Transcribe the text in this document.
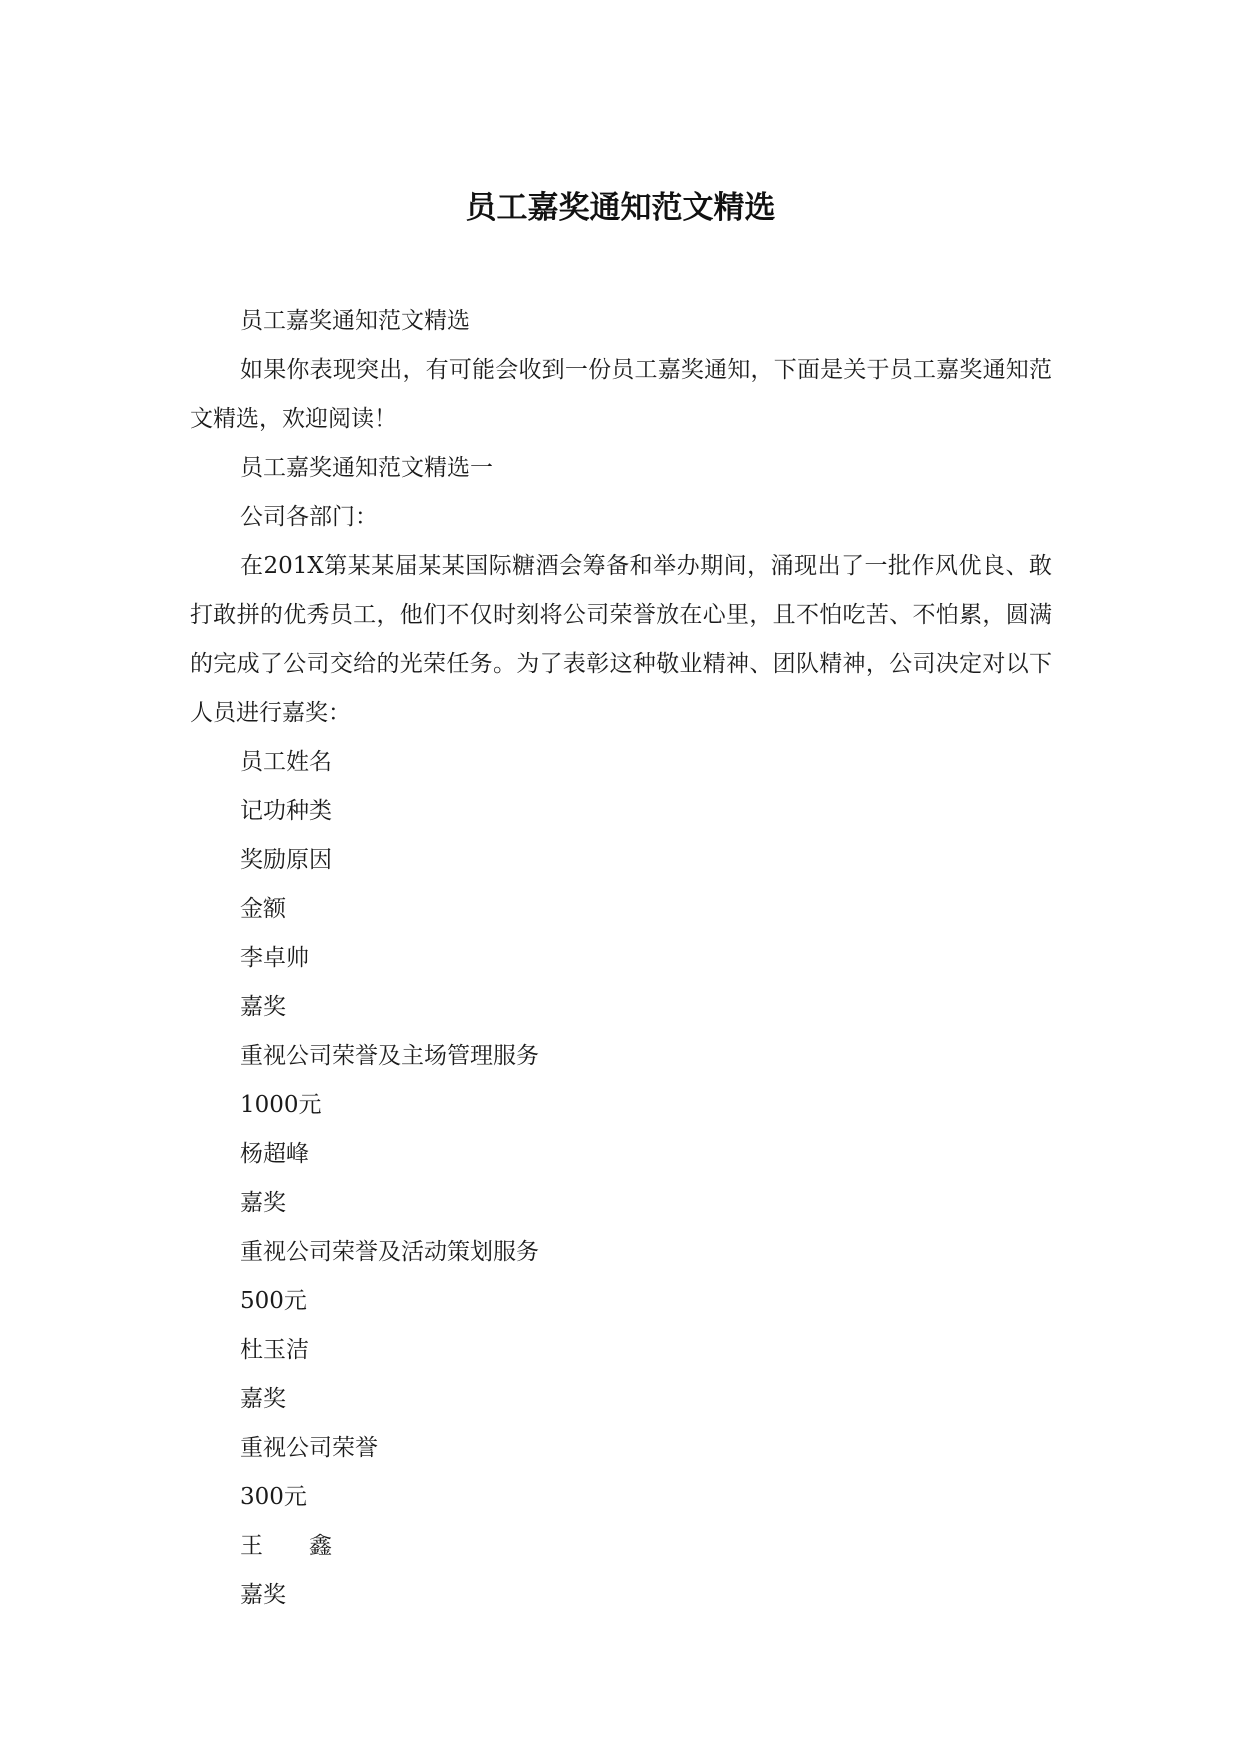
员工嘉奖通知范文精选

员工嘉奖通知范文精选

如果你表现突出，有可能会收到一份员工嘉奖通知，下面是关于员工嘉奖通知范文精选，欢迎阅读！

员工嘉奖通知范文精选一

公司各部门：

在201X第某某届某某国际糖酒会筹备和举办期间，涌现出了一批作风优良、敢打敢拼的优秀员工，他们不仅时刻将公司荣誉放在心里，且不怕吃苦、不怕累，圆满的完成了公司交给的光荣任务。为了表彰这种敬业精神、团队精神，公司决定对以下人员进行嘉奖：

员工姓名

记功种类

奖励原因

金额

李卓帅

嘉奖

重视公司荣誉及主场管理服务

1000元

杨超峰

嘉奖

重视公司荣誉及活动策划服务

500元

杜玉洁

嘉奖

重视公司荣誉

300元

王　　鑫

嘉奖
